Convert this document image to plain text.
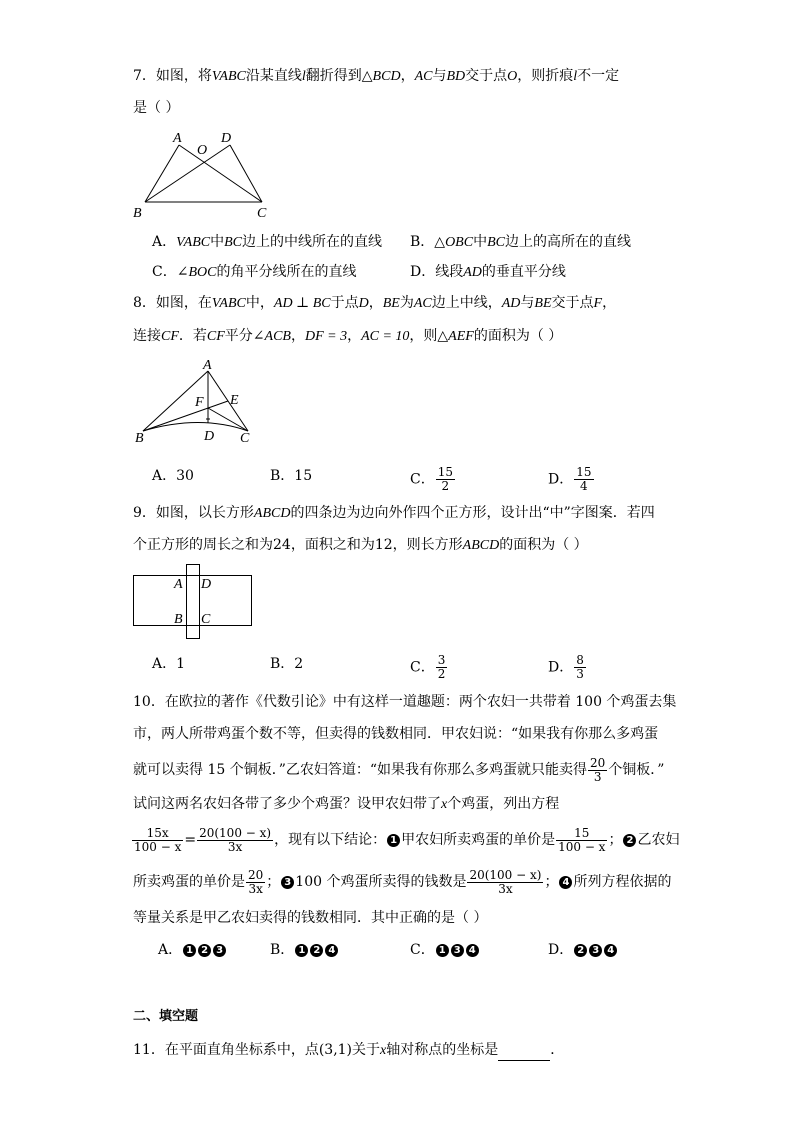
7．如图，将VABC沿某直线l翻折得到△BCD，AC与BD交于点O，则折痕l不一定
是（ ）
A	D
O
B	C
A．VABC中BC边上的中线所在的直线 B．△OBC中BC边上的高所在的直线
C．∠BOC的角平分线所在的直线	D．线段AD的垂直平分线
8．如图，在VABC中，AD ⊥ BC于点D，BE为AC边上中线，AD与BE交于点F，
连接CF．若CF平分∠ACB，DF = 3，AC = 10，则△AEF的面积为（ ）
A
E
F
B	D C
A．30	B．15	C． $\frac{15}{2}$	D． $\frac{15}{4}$
9．如图，以长方形ABCD的四条边为边向外作四个正方形，设计出“中”字图案．若四
个正方形的周长之和为24，面积之和为12，则长方形ABCD的面积为（ ）
A D
B C
A．1	B．2	C． $\frac{3}{2}$	D． $\frac{8}{3}$
10．在欧拉的著作《代数引论》中有这样一道趣题：两个农妇一共带着 100 个鸡蛋去集
市，两人所带鸡蛋个数不等，但卖得的钱数相同．甲农妇说：“如果我有你那么多鸡蛋
就可以卖得 15 个铜板．”乙农妇答道：“如果我有你那么多鸡蛋就只能卖得 $\frac{20}{3}$ 个铜板．”
试问这两名农妇各带了多少个鸡蛋？设甲农妇带了x个鸡蛋，列出方程
$\frac{15x}{100 - x} = \frac{20(100 - x)}{3x}$ ，现有以下结论： 1 甲农妇所卖鸡蛋的单价是 $\frac{15}{100 - x}$ ； 2 乙农妇
所卖鸡蛋的单价是 $\frac{20}{3x}$ ； 3 100 个鸡蛋所卖得的钱数是 $\frac{20(100 - x)}{3x}$ ； 4 所列方程依据的
等量关系是甲乙农妇卖得的钱数相同．其中正确的是（ ）
A． 1 2 3	B． 1 2 4	C． 1 3 4	D． 2 3 4
二、填空题
11．在平面直角坐标系中，点(3,1)关于x轴对称点的坐标是	．
